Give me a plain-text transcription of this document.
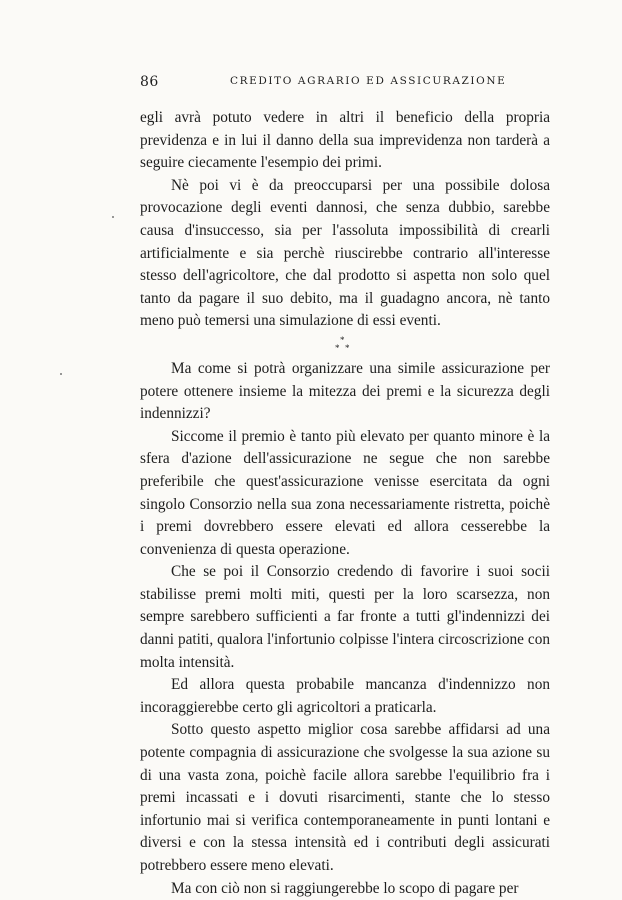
86	CREDITO AGRARIO ED ASSICURAZIONE

egli avrà potuto vedere in altri il beneficio della propria previdenza e in lui il danno della sua imprevidenza non tarderà a seguire ciecamente l'esempio dei primi.

Nè poi vi è da preoccuparsi per una possibile dolosa provocazione degli eventi dannosi, che senza dubbio, sarebbe causa d'insuccesso, sia per l'assoluta impossibilità di crearli artificialmente e sia perchè riuscirebbe contrario all'interesse stesso dell'agricoltore, che dal prodotto si aspetta non solo quel tanto da pagare il suo debito, ma il guadagno ancora, nè tanto meno può temersi una simulazione di essi eventi.

*
* *

Ma come si potrà organizzare una simile assicurazione per potere ottenere insieme la mitezza dei premi e la sicurezza degli indennizzi?

Siccome il premio è tanto più elevato per quanto minore è la sfera d'azione dell'assicurazione ne segue che non sarebbe preferibile che quest'assicurazione venisse esercitata da ogni singolo Consorzio nella sua zona necessariamente ristretta, poichè i premi dovrebbero essere elevati ed allora cesserebbe la convenienza di questa operazione.

Che se poi il Consorzio credendo di favorire i suoi socii stabilisse premi molti miti, questi per la loro scarsezza, non sempre sarebbero sufficienti a far fronte a tutti gl'indennizzi dei danni patiti, qualora l'infortunio colpisse l'intera circoscrizione con molta intensità.

Ed allora questa probabile mancanza d'indennizzo non incoraggierebbe certo gli agricoltori a praticarla.

Sotto questo aspetto miglior cosa sarebbe affidarsi ad una potente compagnia di assicurazione che svolgesse la sua azione su di una vasta zona, poichè facile allora sarebbe l'equilibrio fra i premi incassati e i dovuti risarcimenti, stante che lo stesso infortunio mai si verifica contemporaneamente in punti lontani e diversi e con la stessa intensità ed i contributi degli assicurati potrebbero essere meno elevati.

Ma con ciò non si raggiungerebbe lo scopo di pagare per
